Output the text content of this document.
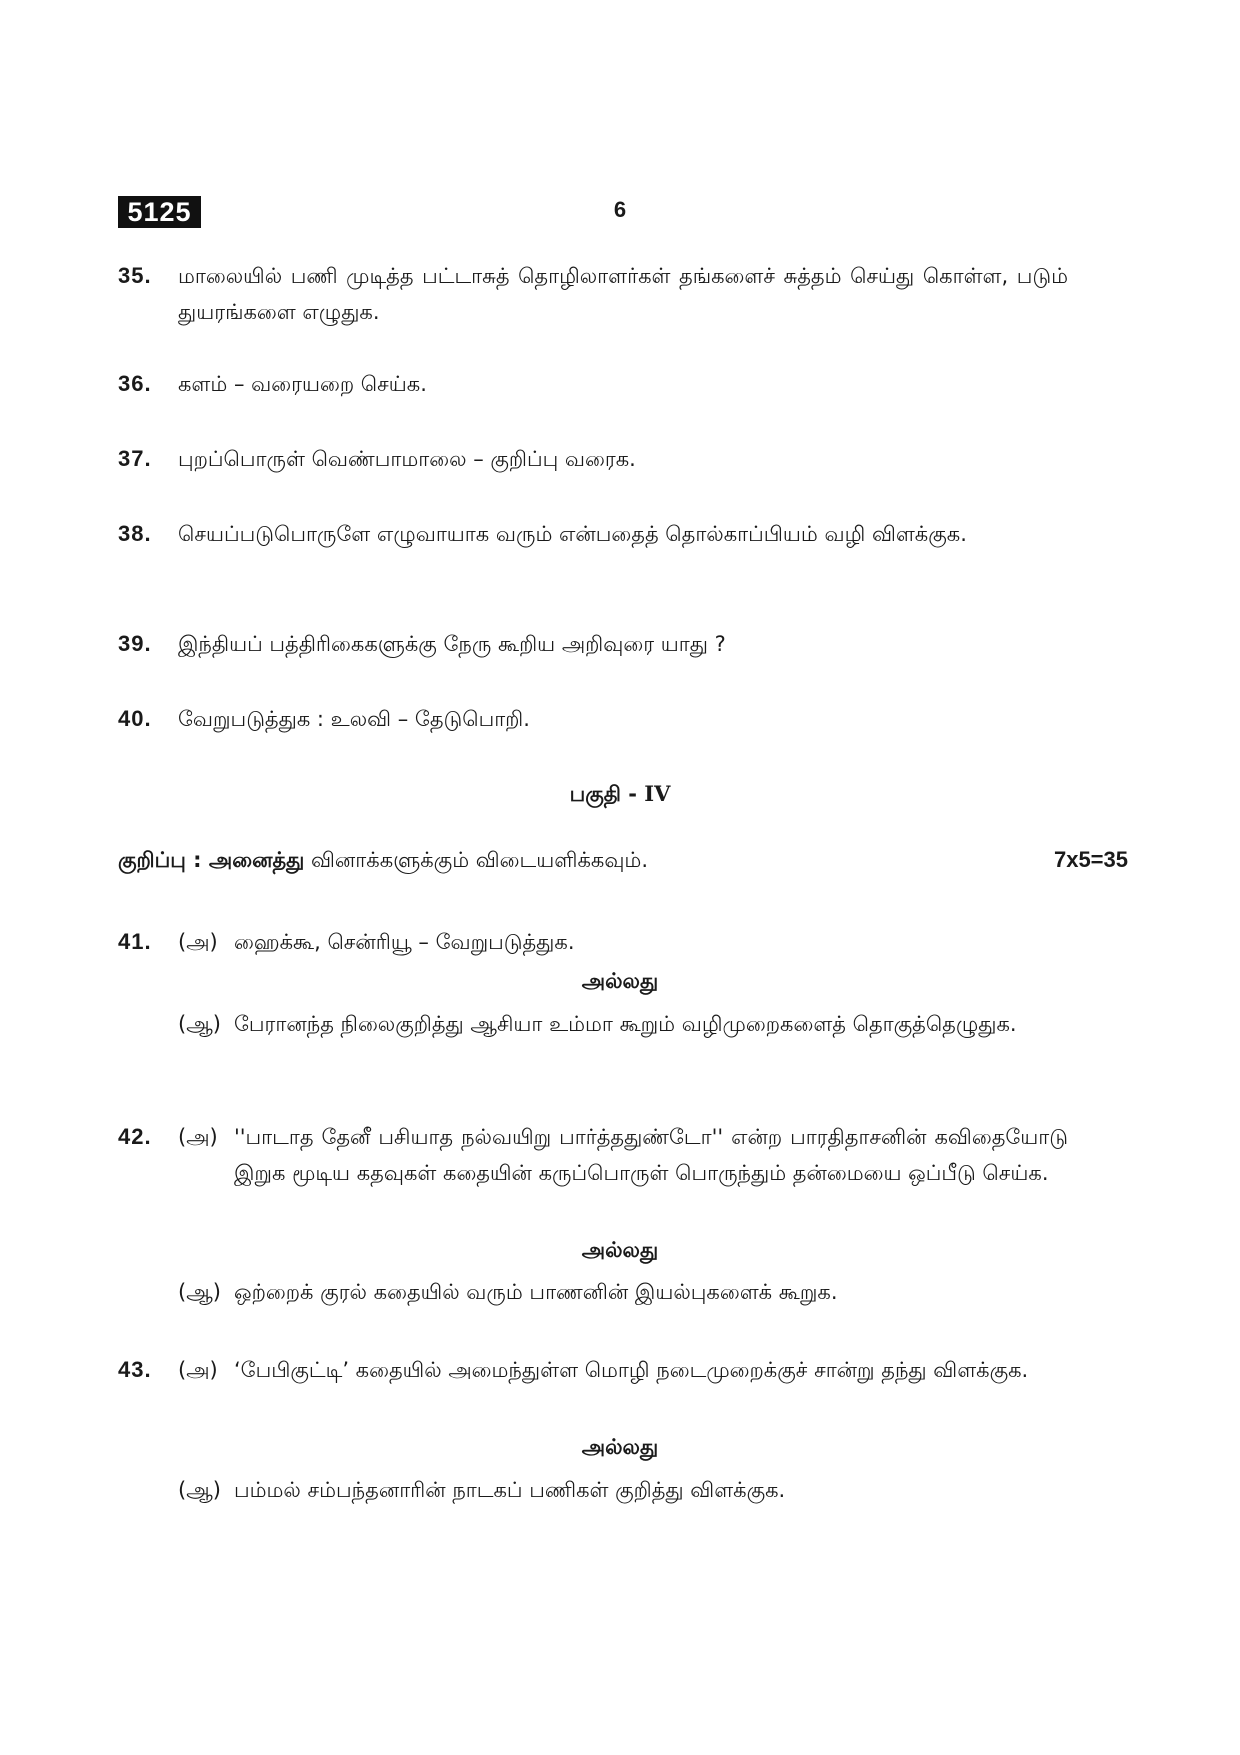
5125	6
35.	மாலையில் பணி முடித்த பட்டாசுத் தொழிலாளர்கள் தங்களைச் சுத்தம் செய்து கொள்ள, படும் துயரங்களை எழுதுக.
36.	களம் – வரையறை செய்க.
37.	புறப்பொருள் வெண்பாமாலை – குறிப்பு வரைக.
38.	செயப்படுபொருளே எழுவாயாக வரும் என்பதைத் தொல்காப்பியம் வழி விளக்குக.
39.	இந்தியப் பத்திரிகைகளுக்கு நேரு கூறிய அறிவுரை யாது ?
40.	வேறுபடுத்துக : உலவி – தேடுபொறி.
பகுதி - IV
குறிப்பு : அனைத்து வினாக்களுக்கும் விடையளிக்கவும்.	7x5=35
41.	(அ) ஹைக்கூ, சென்ரியூ – வேறுபடுத்துக.
அல்லது
(ஆ) பேரானந்த நிலைகுறித்து ஆசியா உம்மா கூறும் வழிமுறைகளைத் தொகுத்தெழுதுக.
42.	(அ) ''பாடாத தேனீ பசியாத நல்வயிறு பார்த்ததுண்டோ'' என்ற பாரதிதாசனின் கவிதையோடு இறுக மூடிய கதவுகள் கதையின் கருப்பொருள் பொருந்தும் தன்மையை ஒப்பீடு செய்க.
அல்லது
(ஆ) ஒற்றைக் குரல் கதையில் வரும் பாணனின் இயல்புகளைக் கூறுக.
43.	(அ) ‘பேபிகுட்டி’ கதையில் அமைந்துள்ள மொழி நடைமுறைக்குச் சான்று தந்து விளக்குக.
அல்லது
(ஆ) பம்மல் சம்பந்தனாரின் நாடகப் பணிகள் குறித்து விளக்குக.
